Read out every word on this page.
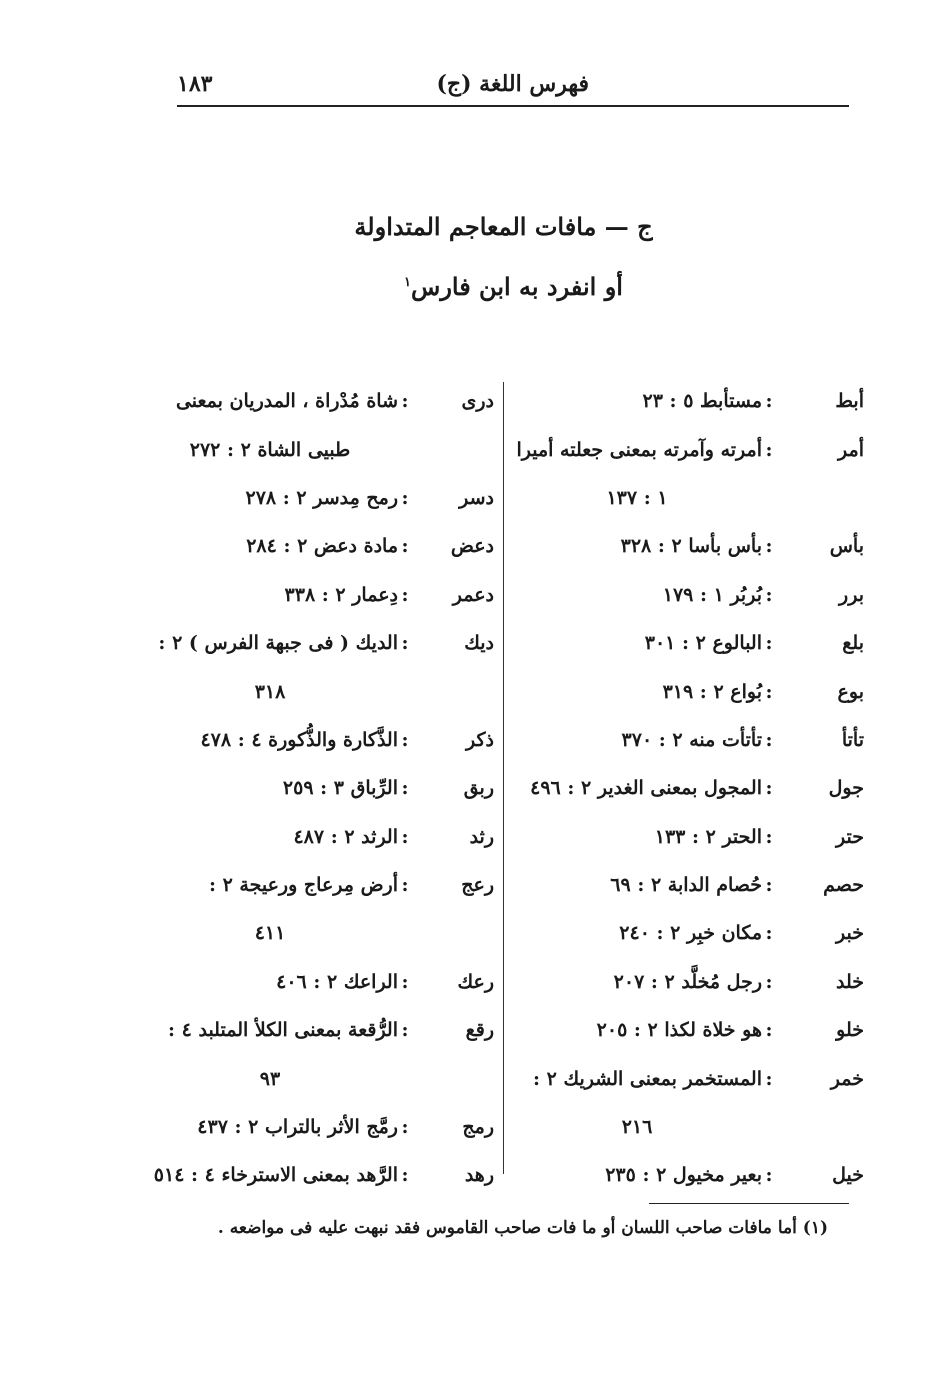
١٨٣	فهرس اللغة (ج)
ج — مافات المعاجم المتداولة
أو انفرد به ابن فارس$^١$
أبط
:
مستأبط ٥ : ٢٣
أمر
:
أمرته وآمرته بمعنى جعلته أميرا
١ : ١٣٧
بأس
:
بأس بأسا ٢ : ٣٢٨
برر
:
بُربُر ١ : ١٧٩
بلع
:
البالوع ٢ : ٣٠١
بوع
:
بُواع ٢ : ٣١٩
تأتأ
:
تأتأت منه ٢ : ٣٧٠
جول
:
المجول بمعنى الغدير ٢ : ٤٩٦
حتر
:
الحتر ٢ : ١٣٣
حصم
:
حُصام الدابة ٢ : ٦٩
خبر
:
مكان خبِر ٢ : ٢٤٠
خلد
:
رجل مُخلَّد ٢ : ٢٠٧
خلو
:
هو خلاة لكذا ٢ : ٢٠٥
خمر
:
المستخمر بمعنى الشريك ٢ :
٢١٦
خيل
:
بعير مخيول ٢ : ٢٣٥
درى
:
شاة مُدْراة ، المدريان بمعنى
طبيى الشاة ٢ : ٢٧٢
دسر
:
رمح مِدسر ٢ : ٢٧٨
دعض
:
مادة دعض ٢ : ٢٨٤
دعمر
:
دِعمار ٢ : ٣٣٨
ديك
:
الديك ( فى جبهة الفرس ) ٢ :
٣١٨
ذكر
:
الذَّكارة والذُّكورة ٤ : ٤٧٨
ربق
:
الرِّباق ٣ : ٢٥٩
رثد
:
الرثد ٢ : ٤٨٧
رعج
:
أرض مِرعاج ورعيجة ٢ :
٤١١
رعك
:
الراعك ٢ : ٤٠٦
رقع
:
الرُّقعة بمعنى الكلأ المتلبد ٤ :
٩٣
رمج
:
رمَّج الأثر بالتراب ٢ : ٤٣٧
رهد
:
الرَّهد بمعنى الاسترخاء ٤ : ٥١٤
(١) أما مافات صاحب اللسان أو ما فات صاحب القاموس فقد نبهت عليه فى مواضعه .
